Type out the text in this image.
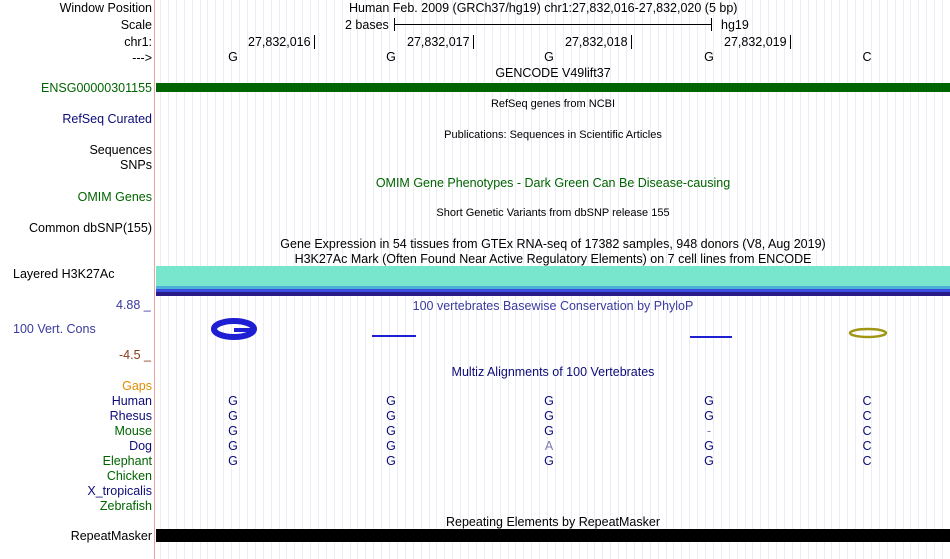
Window Position	Human Feb. 2009 (GRCh37/hg19) chr1:27,832,016-27,832,020 (5 bp)
Scale	2 bases	hg19
chr1:	27,832,016	27,832,017	27,832,018	27,832,019
--->	G	G	G	G	C
GENCODE V49lift37
ENSG00000301155
RefSeq genes from NCBI
RefSeq Curated
Publications: Sequences in Scientific Articles
Sequences
SNPs
OMIM Gene Phenotypes - Dark Green Can Be Disease-causing
OMIM Genes
Short Genetic Variants from dbSNP release 155
Common dbSNP(155)
Gene Expression in 54 tissues from GTEx RNA-seq of 17382 samples, 948 donors (V8, Aug 2019)
H3K27Ac Mark (Often Found Near Active Regulatory Elements) on 7 cell lines from ENCODE
Layered H3K27Ac
4.88 _	100 vertebrates Basewise Conservation by PhyloP
100 Vert. Cons
-4.5 _
Multiz Alignments of 100 Vertebrates
Gaps
Human	G	G	G	G	C
Rhesus	G	G	G	G	C
Mouse	G	G	G	-	C
Dog	G	G	A	G	C
Elephant	G	G	G	G	C
Chicken
X_tropicalis
Zebrafish
Repeating Elements by RepeatMasker
RepeatMasker
